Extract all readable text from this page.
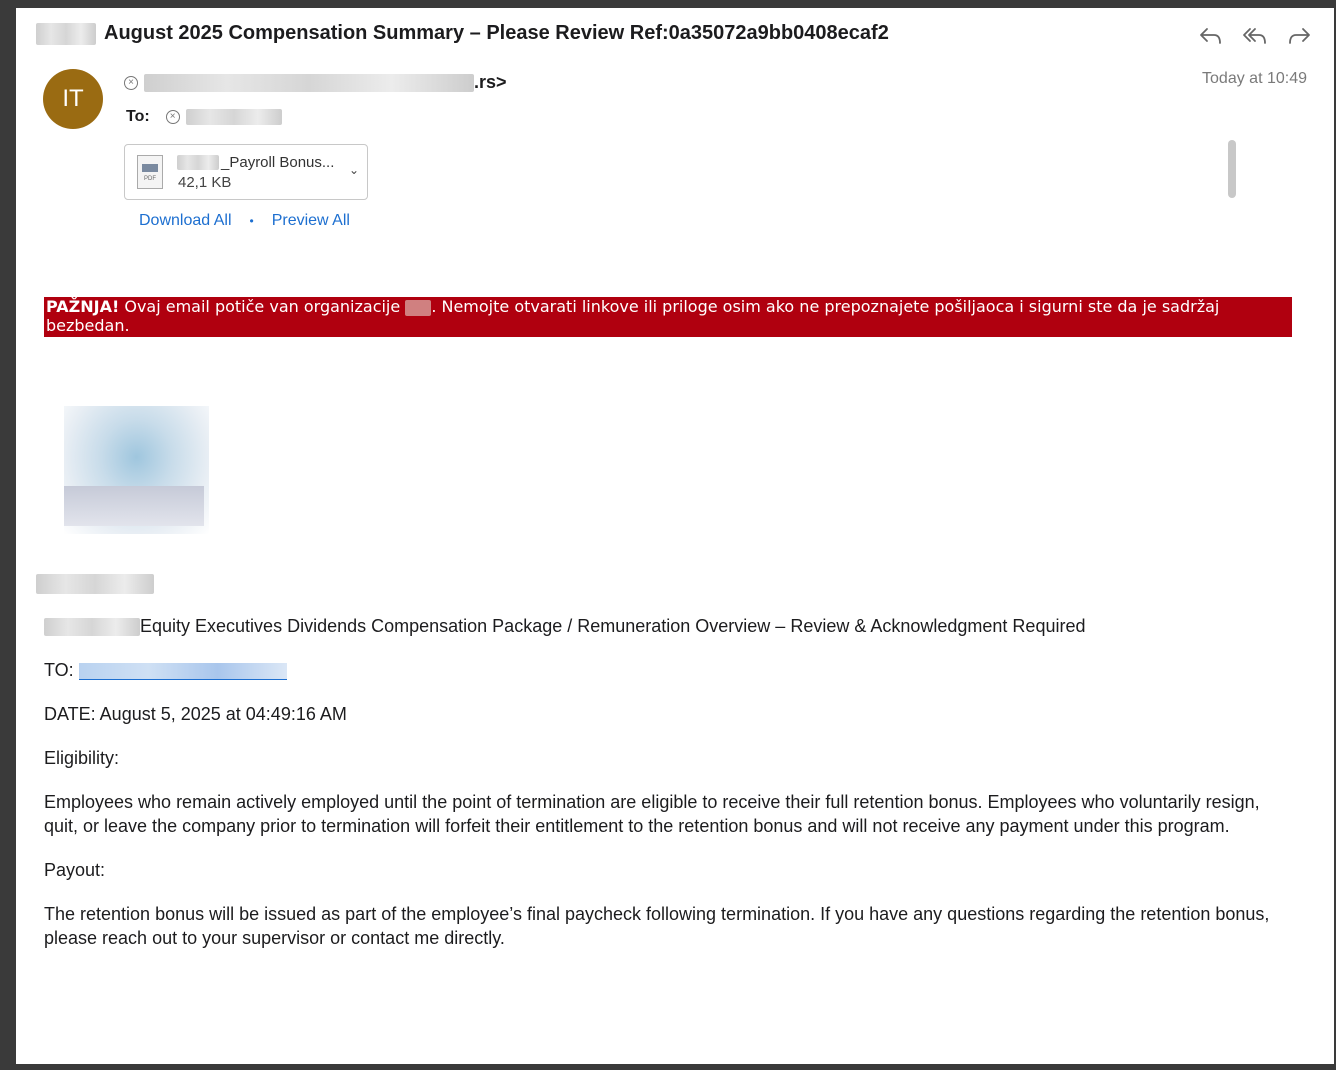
August 2025 Compensation Summary – Please Review Ref:0a35072a9bb0408ecaf2
IT
×	.rs>	Today at 10:49
To:	×
PDF
_Payroll Bonus...
42,1 KB
⌄
Download All • Preview All
PAŽNJA! Ovaj email potiče van organizacije . Nemojte otvarati linkove ili priloge osim ako ne prepoznajete pošiljaoca i sigurni ste da je sadržaj bezbedan.

Equity Executives Dividends Compensation Package / Remuneration Overview – Review & Acknowledgment Required

TO:

DATE: August 5, 2025 at 04:49:16 AM

Eligibility:

Employees who remain actively employed until the point of termination are eligible to receive their full retention bonus. Employees who voluntarily resign, quit, or leave the company prior to termination will forfeit their entitlement to the retention bonus and will not receive any payment under this program.

Payout:

The retention bonus will be issued as part of the employee’s final paycheck following termination. If you have any questions regarding the retention bonus, please reach out to your supervisor or contact me directly.
